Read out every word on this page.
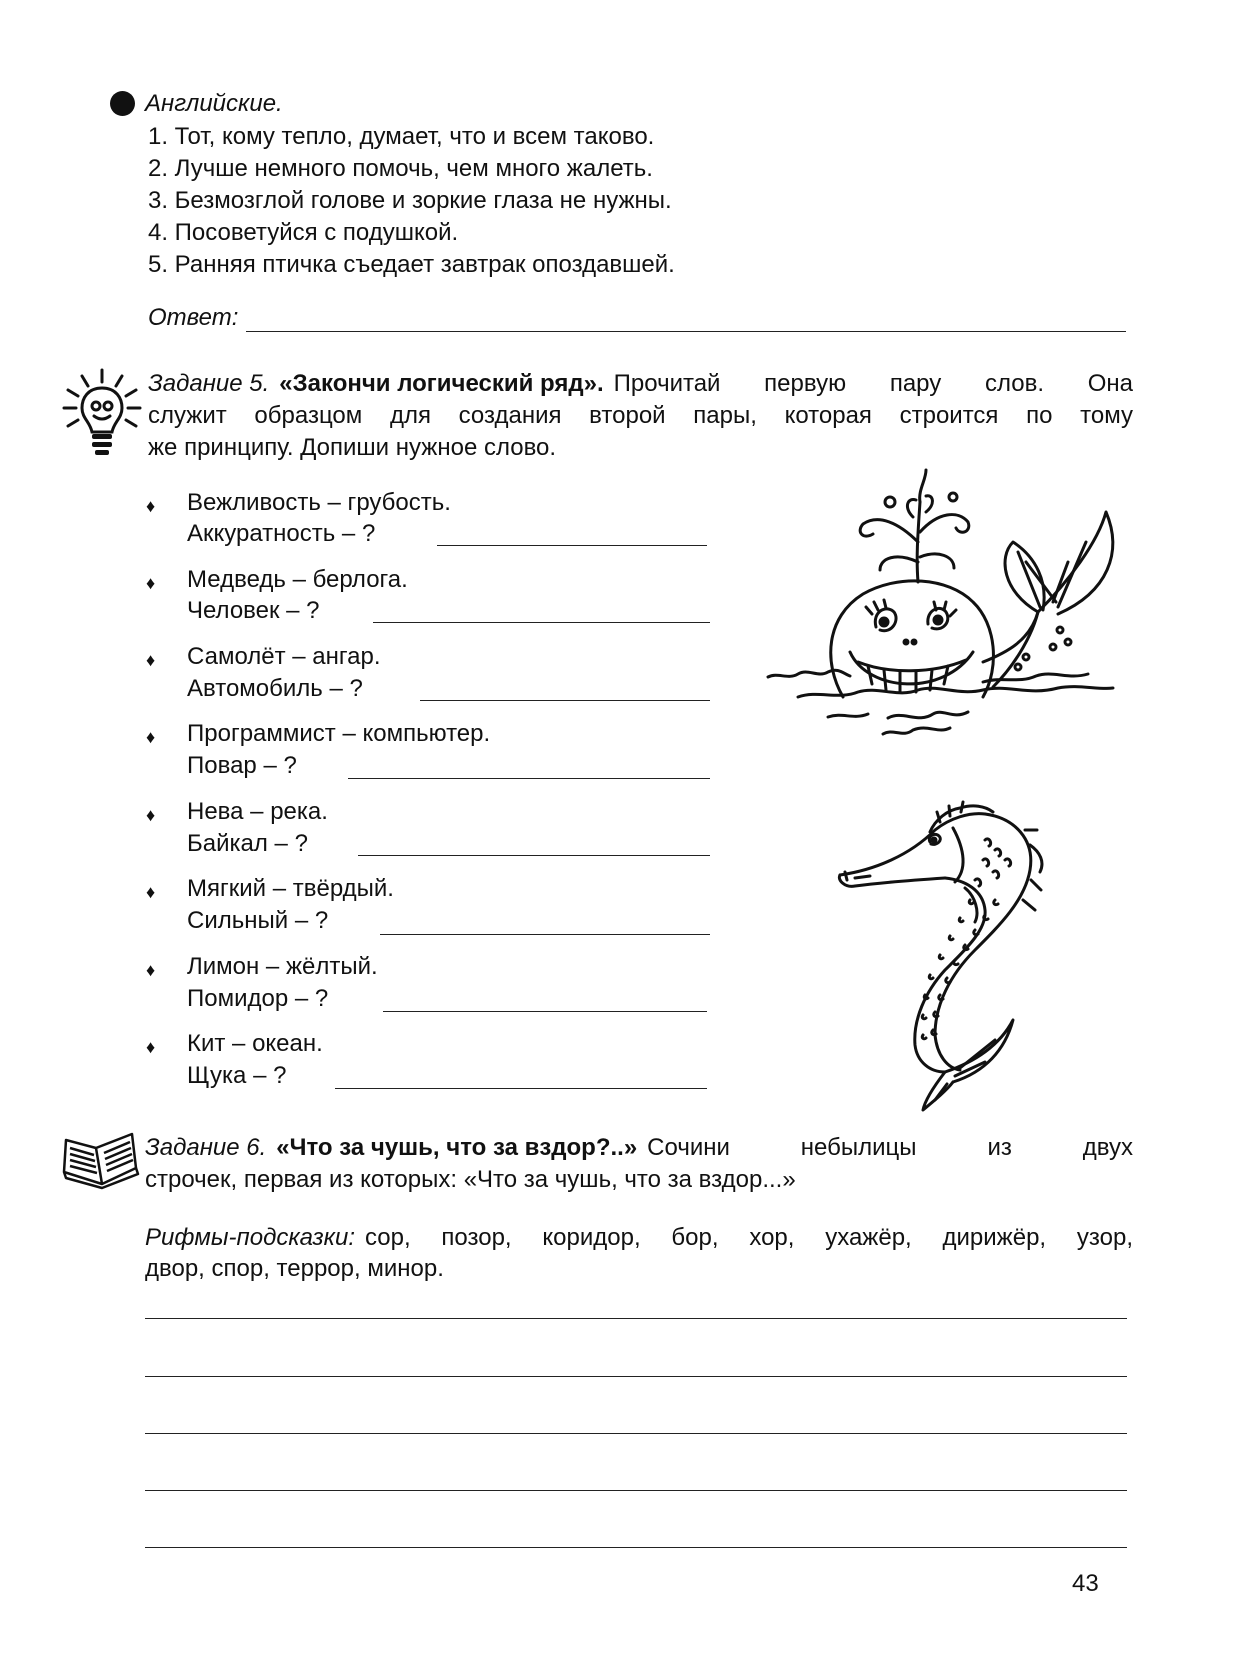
Английские.
1. Тот, кому тепло, думает, что и всем таково.
2. Лучше немного помочь, чем много жалеть.
3. Безмозглой голове и зоркие глаза не нужны.
4. Посоветуйся с подушкой.
5. Ранняя птичка съедает завтрак опоздавшей.
Ответ:
Задание 5. «Закончи логический ряд». Прочитай первую пару слов. Она
служит образцом для создания второй пары, которая строится по тому
же принципу. Допиши нужное слово.
♦ Вежливость – грубость.
Аккуратность – ?
♦ Медведь – берлога.
Человек – ?
♦ Самолёт – ангар.
Автомобиль – ?
♦ Программист – компьютер.
Повар – ?
♦ Нева – река.
Байкал – ?
♦ Мягкий – твёрдый.
Сильный – ?
♦ Лимон – жёлтый.
Помидор – ?
♦ Кит – океан.
Щука – ?
Задание 6. «Что за чушь, что за вздор?..» Сочини небылицы из двух
строчек, первая из которых: «Что за чушь, что за вздор...»
Рифмы-подсказки: сор, позор, коридор, бор, хор, ухажёр, дирижёр, узор,
двор, спор, террор, минор.
43
